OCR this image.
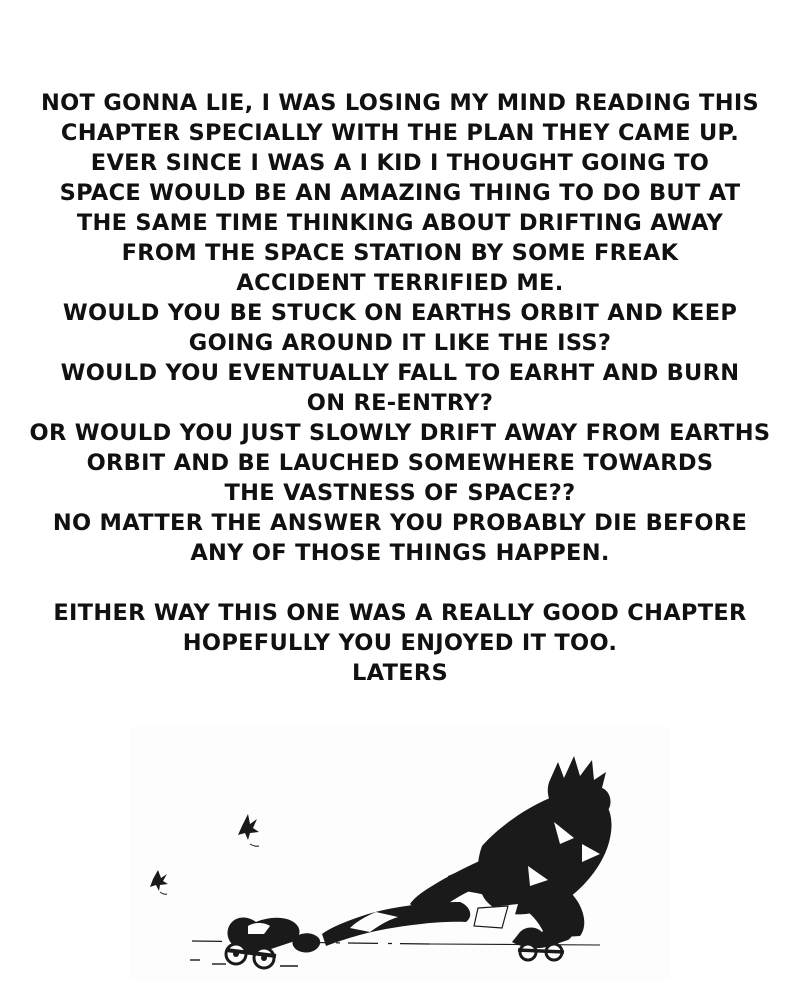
NOT GONNA LIE, I WAS LOSING MY MIND READING THIS
CHAPTER SPECIALLY WITH THE PLAN THEY CAME UP.
EVER SINCE I WAS A I KID I THOUGHT GOING TO
SPACE WOULD BE AN AMAZING THING TO DO BUT AT
THE SAME TIME THINKING ABOUT DRIFTING AWAY
FROM THE SPACE STATION BY SOME FREAK
ACCIDENT TERRIFIED ME.
WOULD YOU BE STUCK ON EARTHS ORBIT AND KEEP
GOING AROUND IT LIKE THE ISS?
WOULD YOU EVENTUALLY FALL TO EARHT AND BURN
ON RE-ENTRY?
OR WOULD YOU JUST SLOWLY DRIFT AWAY FROM EARTHS
ORBIT AND BE LAUCHED SOMEWHERE TOWARDS
THE VASTNESS OF SPACE??
NO MATTER THE ANSWER YOU PROBABLY DIE BEFORE
ANY OF THOSE THINGS HAPPEN.
EITHER WAY THIS ONE WAS A REALLY GOOD CHAPTER
HOPEFULLY YOU ENJOYED IT TOO.
LATERS
